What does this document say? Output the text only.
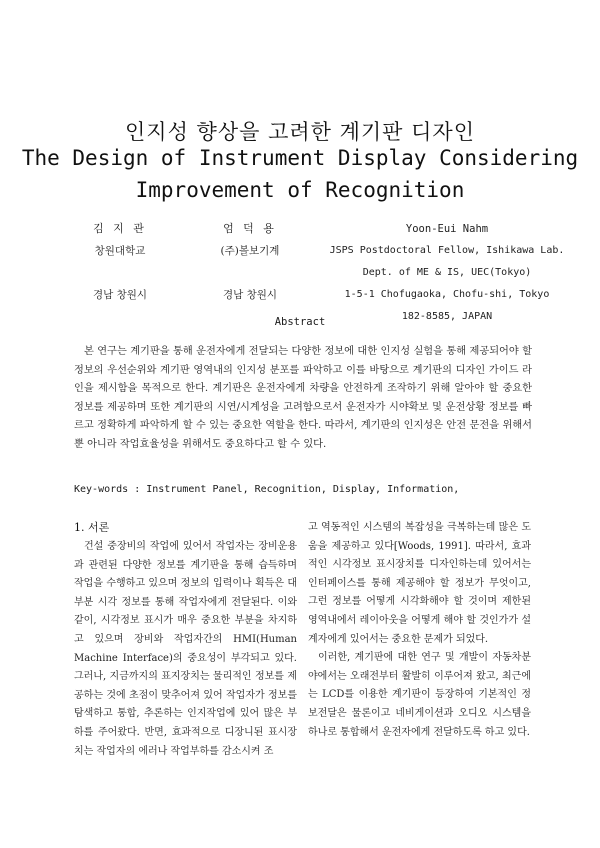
인지성 향상을 고려한 계기판 디자인
The Design of Instrument Display Considering
Improvement of Recognition
김 지 관
창원대학교
경남 창원시
엄 덕 용
(주)볼보기계
경남 창원시
Yoon-Eui Nahm
JSPS Postdoctoral Fellow, Ishikawa Lab.
Dept. of ME & IS, UEC(Tokyo)
1-5-1 Chofugaoka, Chofu-shi, Tokyo
182-8585, JAPAN
Abstract
본 연구는 계기판을 통해 운전자에게 전달되는 다양한 정보에 대한 인지성 실험을 통해 제공되어야 할 정보의 우선순위와 계기판 영역내의 인지성 분포를 파악하고 이를 바탕으로 계기판의 디자인 가이드 라인을 제시함을 목적으로 한다. 계기판은 운전자에게 차량을 안전하게 조작하기 위해 알아야 할 중요한 정보를 제공하며 또한 계기판의 시연/시계성을 고려함으로서 운전자가 시야확보 및 운전상황 정보를 빠르고 정확하게 파악하게 할 수 있는 중요한 역할을 한다. 따라서, 계기판의 인지성은 안전 문전을 위해서 뿐 아니라 작업효율성을 위해서도 중요하다고 할 수 있다.
Key-words : Instrument Panel, Recognition, Display, Information,
1. 서론
건설 중장비의 작업에 있어서 작업자는 장비운용과 관련된 다양한 정보를 계기판을 통해 습득하며 작업을 수행하고 있으며 정보의 입력이나 획득은 대부분 시각 정보를 통해 작업자에게 전달된다. 이와같이, 시각정보 표시가 매우 중요한 부분을 차지하고 있으며 장비와 작업자간의 HMI(Human Machine Interface)의 중요성이 부각되고 있다. 그러나, 지금까지의 표지장치는 물리적인 정보를 제공하는 것에 초점이 맞추어져 있어 작업자가 정보를 탐색하고 통합, 추론하는 인지작업에 있어 많은 부하를 주어왔다. 반면, 효과적으로 디장니된 표시장치는 작업자의 에러나 작업부하를 감소시켜 조

고 역동적인 시스템의 복잡성을 극복하는데 많은 도움을 제공하고 있다[Woods, 1991]. 따라서, 효과적인 시각정보 표시장치를 디자인하는데 있어서는 인터페이스를 통해 제공해야 할 정보가 무엇이고, 그런 정보를 어떻게 시각화해야 할 것이며 제한된 영역내에서 레이아웃을 어떻게 해야 할 것인가가 설계자에게 있어서는 중요한 문제가 되었다.

이러한, 계기판에 대한 연구 및 개발이 자동차분야에서는 오래전부터 활발히 이루어져 왔고, 최근에는 LCD를 이용한 계기판이 등장하여 기본적인 정보전달은 물론이고 네비게이션과 오디오 시스템을 하나로 통합해서 운전자에게 전달하도록 하고 있다.
